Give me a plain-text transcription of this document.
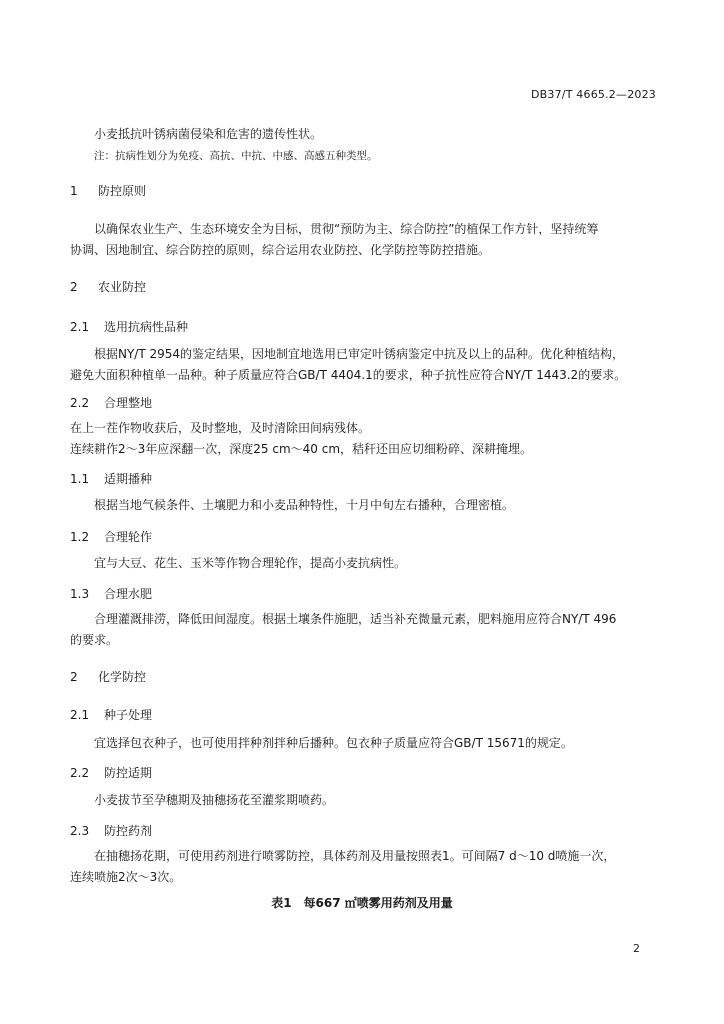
DB37/T 4665.2—2023
小麦抵抗叶锈病菌侵染和危害的遗传性状。
注：抗病性划分为免疫、高抗、中抗、中感、高感五种类型。
1 防控原则
以确保农业生产、生态环境安全为目标，贯彻“预防为主、综合防控”的植保工作方针，坚持统筹
协调、因地制宜、综合防控的原则，综合运用农业防控、化学防控等防控措施。
2 农业防控
2.1 选用抗病性品种
根据NY/T 2954的鉴定结果，因地制宜地选用已审定叶锈病鉴定中抗及以上的品种。优化种植结构，
避免大面积种植单一品种。种子质量应符合GB/T 4404.1的要求，种子抗性应符合NY/T 1443.2的要求。
2.2 合理整地
在上一茬作物收获后，及时整地，及时清除田间病残体。
连续耕作2～3年应深翻一次，深度25 cm～40 cm，秸秆还田应切细粉碎、深耕掩埋。
1.1 适期播种
根据当地气候条件、土壤肥力和小麦品种特性，十月中旬左右播种，合理密植。
1.2 合理轮作
宜与大豆、花生、玉米等作物合理轮作，提高小麦抗病性。
1.3 合理水肥
合理灌溉排涝，降低田间湿度。根据土壤条件施肥，适当补充微量元素，肥料施用应符合NY/T 496
的要求。
2 化学防控
2.1 种子处理
宜选择包衣种子，也可使用拌种剂拌种后播种。包衣种子质量应符合GB/T 15671的规定。
2.2 防控适期
小麦拔节至孕穗期及抽穗扬花至灌浆期喷药。
2.3 防控药剂
在抽穗扬花期，可使用药剂进行喷雾防控，具体药剂及用量按照表1。可间隔7 d～10 d喷施一次，
连续喷施2次～3次。
表1　每667 ㎡喷雾用药剂及用量
2
